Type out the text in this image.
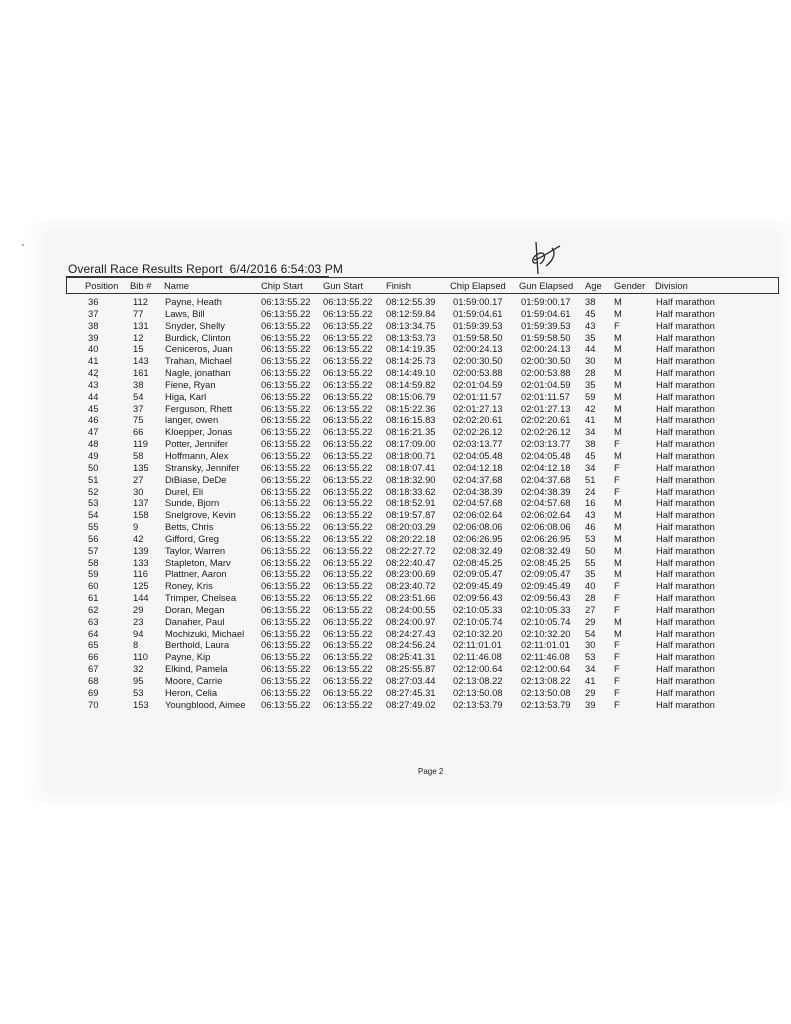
Overall Race Results Report 6/4/2016 6:54:03 PM
Position Bib # Name	Chip Start Gun Start Finish	Chip Elapsed Gun Elapsed Age Gender Division
36	112 Payne, Heath	06:13:55.22 06:13:55.22 08:12:55.39 01:59:00.17 01:59:00.17 38 M	Half marathon
37	77 Laws, Bill	06:13:55.22 06:13:55.22 08:12:59.84 01:59:04.61 01:59:04.61 45 M	Half marathon
38	131 Snyder, Shelly	06:13:55.22 06:13:55.22 08:13:34.75 01:59:39.53 01:59:39.53 43 F	Half marathon
39	12 Burdick, Clinton	06:13:55.22 06:13:55.22 08:13:53.73 01:59:58.50 01:59:58.50 35 M	Half marathon
40	15 Ceniceros, Juan	06:13:55.22 06:13:55.22 08:14:19.35 02:00:24.13 02:00:24.13 44 M	Half marathon
41	143 Trahan, Michael	06:13:55.22 06:13:55.22 08:14:25.73 02:00:30.50 02:00:30.50 30 M	Half marathon
42	161 Nagle, jonathan	06:13:55.22 06:13:55.22 08:14:49.10 02:00:53.88 02:00:53.88 28 M	Half marathon
43	38 Fiene, Ryan	06:13:55.22 06:13:55.22 08:14:59.82 02:01:04.59 02:01:04.59 35 M	Half marathon
44	54 Higa, Karl	06:13:55.22 06:13:55.22 08:15:06.79 02:01:11.57 02:01:11.57 59 M	Half marathon
45	37 Ferguson, Rhett	06:13:55.22 06:13:55.22 08:15:22.36 02:01:27.13 02:01:27.13 42 M	Half marathon
46	75 langer, owen	06:13:55.22 06:13:55.22 08:16:15.83 02:02:20.61 02:02:20.61 41 M	Half marathon
47	66 Kloepper, Jonas	06:13:55.22 06:13:55.22 08:16:21.35 02:02:26.12 02:02:26.12 34 M	Half marathon
48	119 Potter, Jennifer	06:13:55.22 06:13:55.22 08:17:09.00 02:03:13.77 02:03:13.77 38 F	Half marathon
49	58 Hoffmann, Alex	06:13:55.22 06:13:55.22 08:18:00.71 02:04:05.48 02:04:05.48 45 M	Half marathon
50	135 Stransky, Jennifer 06:13:55.22 06:13:55.22 08:18:07.41 02:04:12.18 02:04:12.18 34 F	Half marathon
51	27 DiBiase, DeDe	06:13:55.22 06:13:55.22 08:18:32.90 02:04:37.68 02:04:37.68 51 F	Half marathon
52	30 Durel, Eli	06:13:55.22 06:13:55.22 08:18:33.62 02:04:38.39 02:04:38.39 24 F	Half marathon
53	137 Sunde, Bjorn	06:13:55.22 06:13:55.22 08:18:52.91 02:04:57.68 02:04:57.68 16 M	Half marathon
54	158 Snelgrove, Kevin	06:13:55.22 06:13:55.22 08:19:57.87 02:06:02.64 02:06:02.64 43 M	Half marathon
55	9	Betts, Chris	06:13:55.22 06:13:55.22 08:20:03.29 02:06:08.06 02:06:08.06 46 M	Half marathon
56	42 Gifford, Greg	06:13:55.22 06:13:55.22 08:20:22.18 02:06:26.95 02:06:26.95 53 M	Half marathon
57	139 Taylor, Warren	06:13:55.22 06:13:55.22 08:22:27.72 02:08:32.49 02:08:32.49 50 M	Half marathon
58	133 Stapleton, Marv	06:13:55.22 06:13:55.22 08:22:40.47 02:08:45.25 02:08:45.25 55 M	Half marathon
59	116 Plattner, Aaron	06:13:55.22 06:13:55.22 08:23:00.69 02:09:05.47 02:09:05.47 35 M	Half marathon
60	125 Roney, Kris	06:13:55.22 06:13:55.22 08:23:40.72 02:09:45.49 02:09:45.49 40 F	Half marathon
61	144 Trimper, Chelsea	06:13:55.22 06:13:55.22 08:23:51.66 02:09:56.43 02:09:56.43 28 F	Half marathon
62	29 Doran, Megan	06:13:55.22 06:13:55.22 08:24:00.55 02:10:05.33 02:10:05.33 27 F	Half marathon
63	23 Danaher, Paul	06:13:55.22 06:13:55.22 08:24:00.97 02:10:05.74 02:10:05.74 29 M	Half marathon
64	94 Mochizuki, Michael 06:13:55.22 06:13:55.22 08:24:27.43 02:10:32.20 02:10:32.20 54 M	Half marathon
65	8	Berthold, Laura	06:13:55.22 06:13:55.22 08:24:56.24 02:11:01.01 02:11:01.01 30 F	Half marathon
66	110 Payne, Kip	06:13:55.22 06:13:55.22 08:25:41.31 02:11:46.08 02:11:46.08 53 F	Half marathon
67	32 Elkind, Pamela	06:13:55.22 06:13:55.22 08:25:55.87 02:12:00.64 02:12:00.64 34 F	Half marathon
68	95 Moore, Carrie	06:13:55.22 06:13:55.22 08:27:03.44 02:13:08.22 02:13:08.22 41 F	Half marathon
69	53 Heron, Celia	06:13:55.22 06:13:55.22 08:27:45.31 02:13:50.08 02:13:50.08 29 F	Half marathon
70	153 Youngblood, Aimee 06:13:55.22 06:13:55.22 08:27:49.02 02:13:53.79 02:13:53.79 39 F	Half marathon
Page 2
